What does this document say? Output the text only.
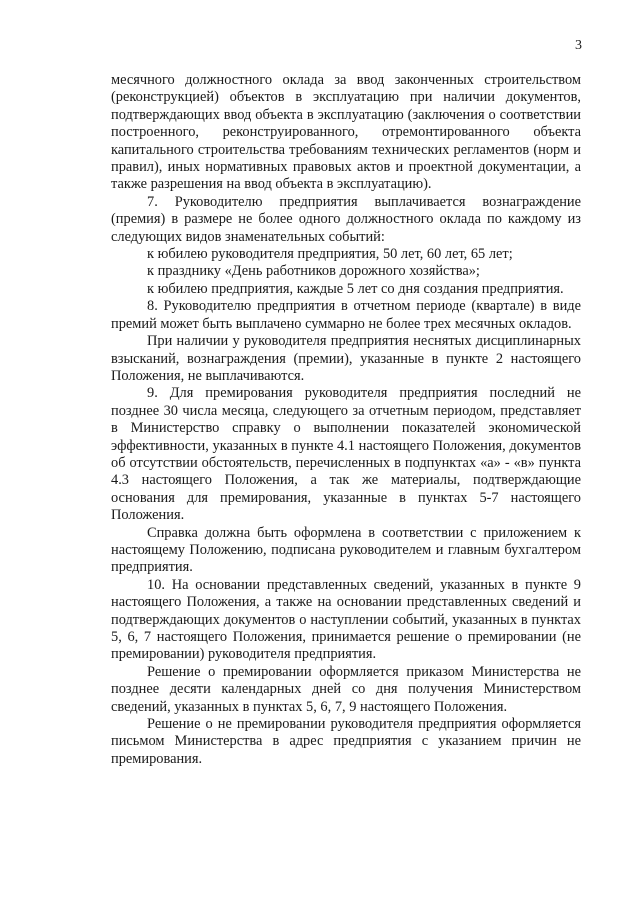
3

месячного должностного оклада за ввод законченных строительством (реконструкцией) объектов в эксплуатацию при наличии документов, подтверждающих ввод объекта в эксплуатацию (заключения о соответствии построенного, реконструированного, отремонтированного объекта капитального строительства требованиям технических регламентов (норм и правил), иных нормативных правовых актов и проектной документации, а также разрешения на ввод объекта в эксплуатацию).

7. Руководителю предприятия выплачивается вознаграждение (премия) в размере не более одного должностного оклада по каждому из следующих видов знаменательных событий:

к юбилею руководителя предприятия, 50 лет, 60 лет, 65 лет;

к празднику «День работников дорожного хозяйства»;

к юбилею предприятия, каждые 5 лет со дня создания предприятия.

8. Руководителю предприятия в отчетном периоде (квартале) в виде премий может быть выплачено суммарно не более трех месячных окладов.

При наличии у руководителя предприятия неснятых дисциплинарных взысканий, вознаграждения (премии), указанные в пункте 2 настоящего Положения, не выплачиваются.

9. Для премирования руководителя предприятия последний не позднее 30 числа месяца, следующего за отчетным периодом, представляет в Министерство справку о выполнении показателей экономической эффективности, указанных в пункте 4.1 настоящего Положения, документов об отсутствии обстоятельств, перечисленных в подпунктах «а» - «в» пункта 4.3 настоящего Положения, а так же материалы, подтверждающие основания для премирования, указанные в пунктах 5-7 настоящего Положения.

Справка должна быть оформлена в соответствии с приложением к настоящему Положению, подписана руководителем и главным бухгалтером предприятия.

10. На основании представленных сведений, указанных в пункте 9 настоящего Положения, а также на основании представленных сведений и подтверждающих документов о наступлении событий, указанных в пунктах 5, 6, 7 настоящего Положения, принимается решение о премировании (не премировании) руководителя предприятия.

Решение о премировании оформляется приказом Министерства не позднее десяти календарных дней со дня получения Министерством сведений, указанных в пунктах 5, 6, 7, 9 настоящего Положения.

Решение о не премировании руководителя предприятия оформляется письмом Министерства в адрес предприятия с указанием причин не премирования.
